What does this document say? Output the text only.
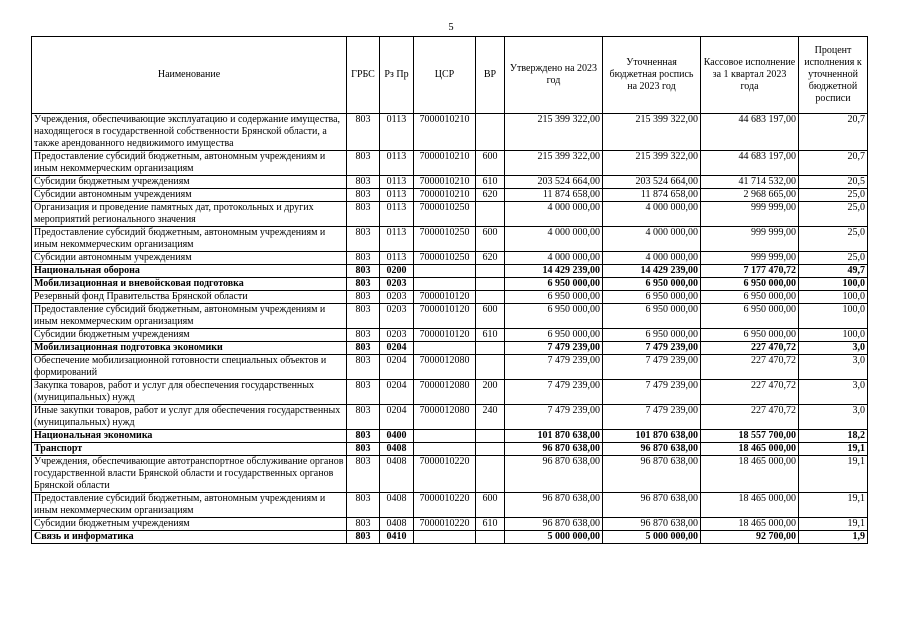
5
Наименование	ГРБС	Рз Пр	ЦСР	ВР	Утверждено на 2023 год	Уточненная бюджетная роспись на 2023 год	Кассовое исполнение за 1 квартал 2023 года	Процент исполнения к уточненной бюджетной росписи
Учреждения, обеспечивающие эксплуатацию и содержание имущества, находящегося в государственной собственности Брянской области, а также арендованного недвижимого имущества	803	0113	7000010210		215 399 322,00	215 399 322,00	44 683 197,00	20,7
Предоставление субсидий бюджетным, автономным учреждениям и иным некоммерческим организациям	803	0113	7000010210	600	215 399 322,00	215 399 322,00	44 683 197,00	20,7
Субсидии бюджетным учреждениям	803	0113	7000010210	610	203 524 664,00	203 524 664,00	41 714 532,00	20,5
Субсидии автономным учреждениям	803	0113	7000010210	620	11 874 658,00	11 874 658,00	2 968 665,00	25,0
Организация и проведение памятных дат, протокольных и других мероприятий регионального значения	803	0113	7000010250		4 000 000,00	4 000 000,00	999 999,00	25,0
Предоставление субсидий бюджетным, автономным учреждениям и иным некоммерческим организациям	803	0113	7000010250	600	4 000 000,00	4 000 000,00	999 999,00	25,0
Субсидии автономным учреждениям	803	0113	7000010250	620	4 000 000,00	4 000 000,00	999 999,00	25,0
Национальная оборона	803	0200			14 429 239,00	14 429 239,00	7 177 470,72	49,7
Мобилизационная и вневойсковая подготовка	803	0203			6 950 000,00	6 950 000,00	6 950 000,00	100,0
Резервный фонд Правительства Брянской области	803	0203	7000010120		6 950 000,00	6 950 000,00	6 950 000,00	100,0
Предоставление субсидий бюджетным, автономным учреждениям и иным некоммерческим организациям	803	0203	7000010120	600	6 950 000,00	6 950 000,00	6 950 000,00	100,0
Субсидии бюджетным учреждениям	803	0203	7000010120	610	6 950 000,00	6 950 000,00	6 950 000,00	100,0
Мобилизационная подготовка экономики	803	0204			7 479 239,00	7 479 239,00	227 470,72	3,0
Обеспечение мобилизационной готовности специальных объектов и формирований	803	0204	7000012080		7 479 239,00	7 479 239,00	227 470,72	3,0
Закупка товаров, работ и услуг для обеспечения государственных (муниципальных) нужд	803	0204	7000012080	200	7 479 239,00	7 479 239,00	227 470,72	3,0
Иные закупки товаров, работ и услуг для обеспечения государственных (муниципальных) нужд	803	0204	7000012080	240	7 479 239,00	7 479 239,00	227 470,72	3,0
Национальная экономика	803	0400			101 870 638,00	101 870 638,00	18 557 700,00	18,2
Транспорт	803	0408			96 870 638,00	96 870 638,00	18 465 000,00	19,1
Учреждения, обеспечивающие автотранспортное обслуживание органов государственной власти Брянской области и государственных органов Брянской области	803	0408	7000010220		96 870 638,00	96 870 638,00	18 465 000,00	19,1
Предоставление субсидий бюджетным, автономным учреждениям и иным некоммерческим организациям	803	0408	7000010220	600	96 870 638,00	96 870 638,00	18 465 000,00	19,1
Субсидии бюджетным учреждениям	803	0408	7000010220	610	96 870 638,00	96 870 638,00	18 465 000,00	19,1
Связь и информатика	803	0410			5 000 000,00	5 000 000,00	92 700,00	1,9
